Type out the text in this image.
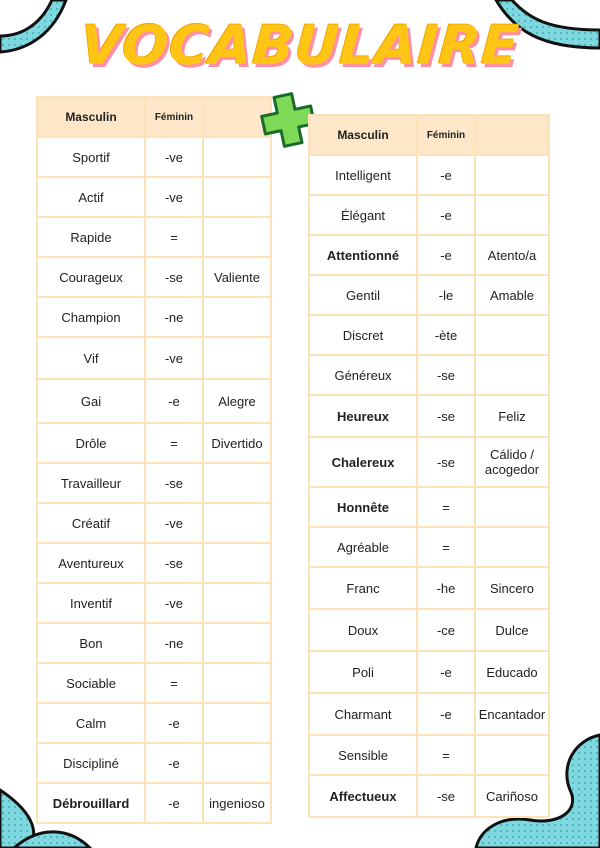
VOCABULAIRE
Masculin	Féminin	
Sportif	-ve	
Actif	-ve	
Rapide	=	
Courageux	-se	Valiente
Champion	-ne	
Vif	-ve	
Gai	-e	Alegre
Drôle	=	Divertido
Travailleur	-se	
Créatif	-ve	
Aventureux	-se	
Inventif	-ve	
Bon	-ne	
Sociable	=	
Calm	-e	
Discipliné	-e	
Débrouillard	-e	ingenioso
Masculin	Féminin	
Intelligent	-e	
Élégant	-e	
Attentionné	-e	Atento/a
Gentil	-le	Amable
Discret	-ète	
Généreux	-se	
Heureux	-se	Feliz
Chalereux	-se	Cálido / acogedor
Honnête	=	
Agréable	=	
Franc	-he	Sincero
Doux	-ce	Dulce
Poli	-e	Educado
Charmant	-e	Encantador
Sensible	=	
Affectueux	-se	Cariñoso
